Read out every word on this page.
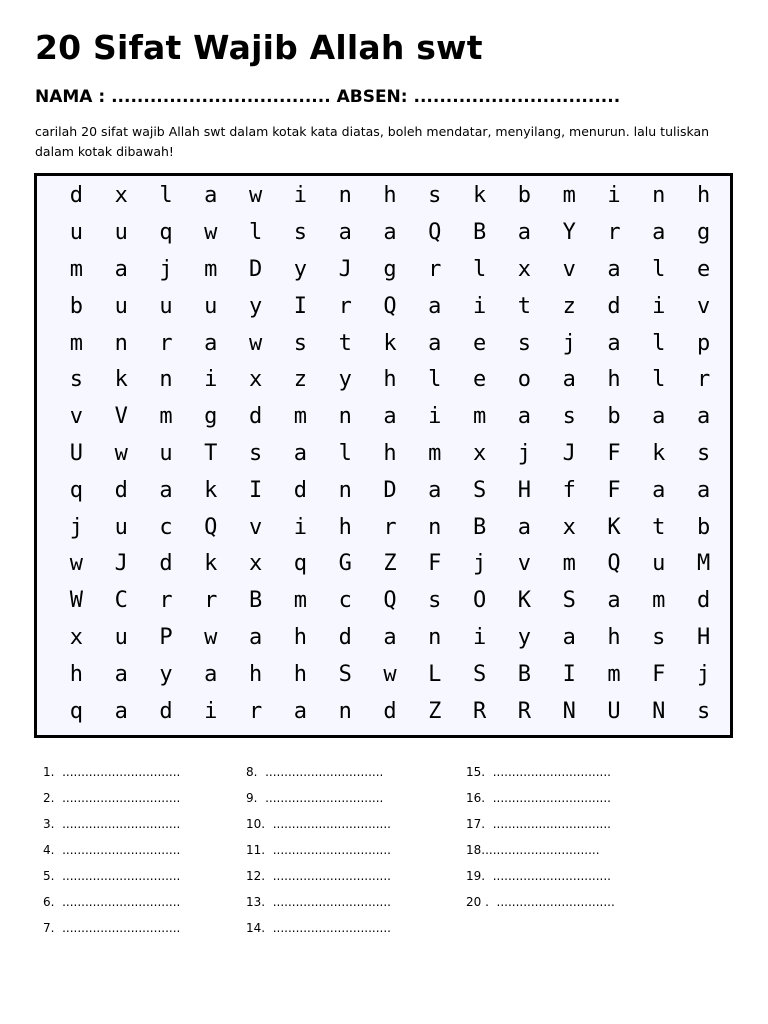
20 Sifat Wajib Allah swt
NAMA : .................................. ABSEN: ................................
carilah 20 sifat wajib Allah swt dalam kotak kata diatas, boleh mendatar, menyilang, menurun. lalu tuliskan dalam kotak dibawah!
d	x	l	a	w	i	n	h	s	k	b	m	i	n	h
u	u	q	w	l	s	a	a	Q	B	a	Y	r	a	g
m	a	j	m	D	y	J	g	r	l	x	v	a	l	e
b	u	u	u	y	I	r	Q	a	i	t	z	d	i	v
m	n	r	a	w	s	t	k	a	e	s	j	a	l	p
s	k	n	i	x	z	y	h	l	e	o	a	h	l	r
v	V	m	g	d	m	n	a	i	m	a	s	b	a	a
U	w	u	T	s	a	l	h	m	x	j	J	F	k	s
q	d	a	k	I	d	n	D	a	S	H	f	F	a	a
j	u	c	Q	v	i	h	r	n	B	a	x	K	t	b
w	J	d	k	x	q	G	Z	F	j	v	m	Q	u	M
W	C	r	r	B	m	c	Q	s	O	K	S	a	m	d
x	u	P	w	a	h	d	a	n	i	y	a	h	s	H
h	a	y	a	h	h	S	w	L	S	B	I	m	F	j
q	a	d	i	r	a	n	d	Z	R	R	N	U	N	s
1.  ...............................
2.  ...............................
3.  ...............................
4.  ...............................
5.  ...............................
6.  ...............................
7.  ...............................
8.  ...............................
9.  ...............................
10.  ...............................
11.  ...............................
12.  ...............................
13.  ...............................
14.  ...............................
15.  ...............................
16.  ...............................
17.  ...............................
18...............................
19.  ...............................
20 .  ...............................
